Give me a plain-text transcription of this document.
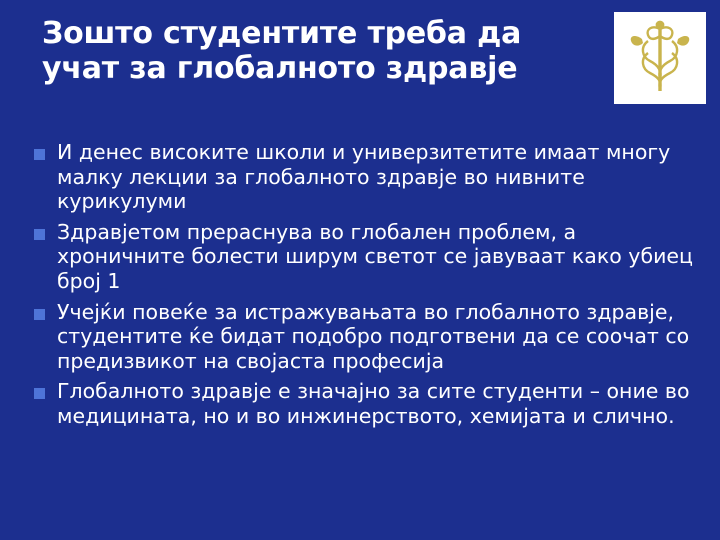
Зошто студентите треба да учат за глобалното здравје
И денес високите школи и универзитетите имаат многу малку лекции за глобалното здравје во нивните курикулуми
Здравјетом прераснува во глобален проблем, а хроничните болести ширум светот се јавуваат како убиец број 1
Учејќи повеќе за истражувањата во глобалното здравје, студентите ќе бидат подобро подготвени да се соочат со предизвикот на својаста професија
Глобалното здравје е значајно за сите студенти – оние во медицината, но и во инжинерството, хемијата и слично.
